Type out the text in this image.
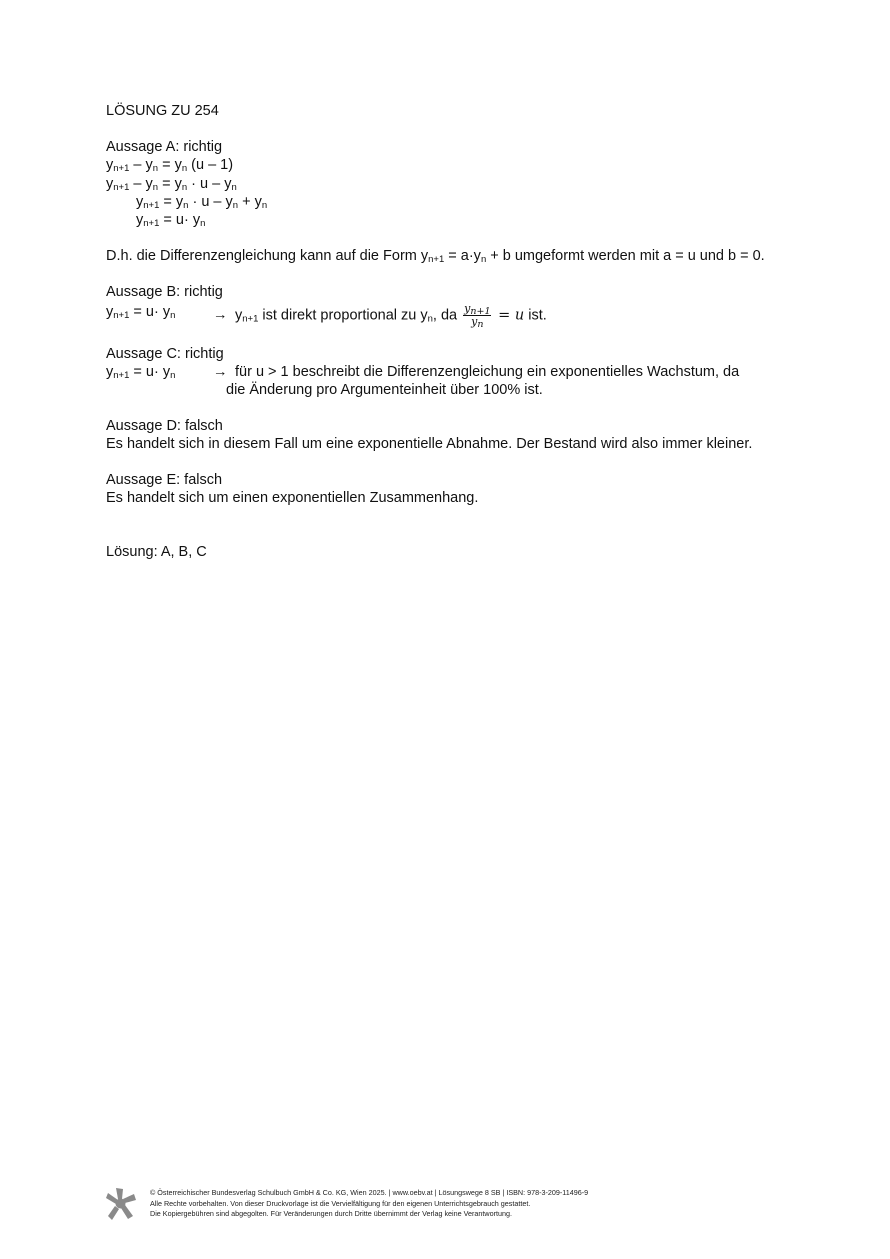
LÖSUNG ZU 254
Aussage A: richtig
$y_{n+1} - y_n = y_n$ (u – 1)
$y_{n+1} - y_n = y_n \cdot u - y_n$
$y_{n+1} = y_n \cdot u - y_n + y_n$
$y_{n+1} = u\cdot y_n$
D.h. die Differenzengleichung kann auf die Form $y_{n+1} = a\cdot y_n + b$ umgeformt werden mit a = u und b = 0.
Aussage B: richtig
$y_{n+1} = u\cdot y_n$	→ $y_{n+1}$ ist direkt proportional zu $y_n$, da $\frac{y_{n+1}}{y_n} = u$ ist.
Aussage C: richtig
$y_{n+1} = u\cdot y_n$	→ für u > 1 beschreibt die Differenzengleichung ein exponentielles Wachstum, da
die Änderung pro Argumenteinheit über 100% ist.
Aussage D: falsch
Es handelt sich in diesem Fall um eine exponentielle Abnahme. Der Bestand wird also immer kleiner.
Aussage E: falsch
Es handelt sich um einen exponentiellen Zusammenhang.
Lösung: A, B, C
© Österreichischer Bundesverlag Schulbuch GmbH & Co. KG, Wien 2025. | www.oebv.at | Lösungswege 8 SB | ISBN: 978-3-209-11496-9
Alle Rechte vorbehalten. Von dieser Druckvorlage ist die Vervielfältigung für den eigenen Unterrichtsgebrauch gestattet.
Die Kopiergebühren sind abgegolten. Für Veränderungen durch Dritte übernimmt der Verlag keine Verantwortung.
